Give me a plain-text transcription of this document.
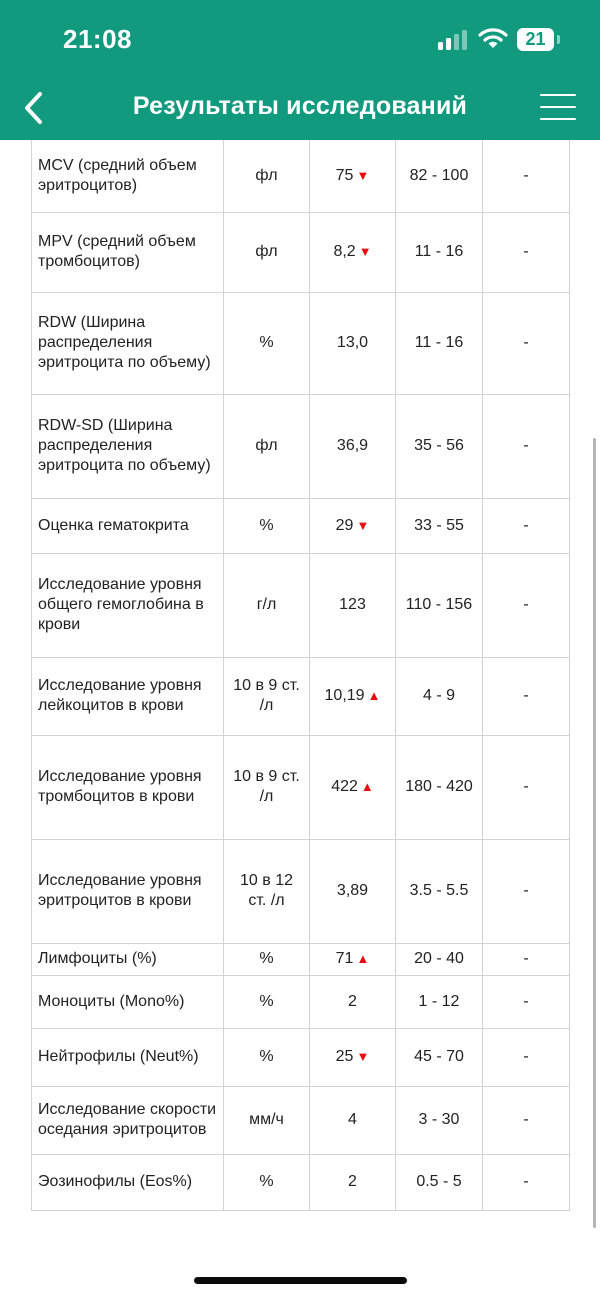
21:08	21
Результаты исследований
MCV (средний объем эритроцитов)	фл	75 ▼	82 - 100	-
MPV (средний объем тромбоцитов)	фл	8,2 ▼	11 - 16	-
RDW (Ширина распределения эритроцита по объему)	%	13,0	11 - 16	-
RDW-SD (Ширина распределения эритроцита по объему)	фл	36,9	35 - 56	-
Оценка гематокрита	%	29 ▼	33 - 55	-
Исследование уровня общего гемоглобина в крови	г/л	123	110 - 156	-
Исследование уровня лейкоцитов в крови	10 в 9 ст. /л	10,19 ▲	4 - 9	-
Исследование уровня тромбоцитов в крови	10 в 9 ст. /л	422 ▲	180 - 420	-
Исследование уровня эритроцитов в крови	10 в 12 ст. /л	3,89	3.5 - 5.5	-
Лимфоциты (%)	%	71 ▲	20 - 40	-
Моноциты (Mono%)	%	2	1 - 12	-
Нейтрофилы (Neut%)	%	25 ▼	45 - 70	-
Исследование скорости оседания эритроцитов	мм/ч	4	3 - 30	-
Эозинофилы (Eos%)	%	2	0.5 - 5	-
